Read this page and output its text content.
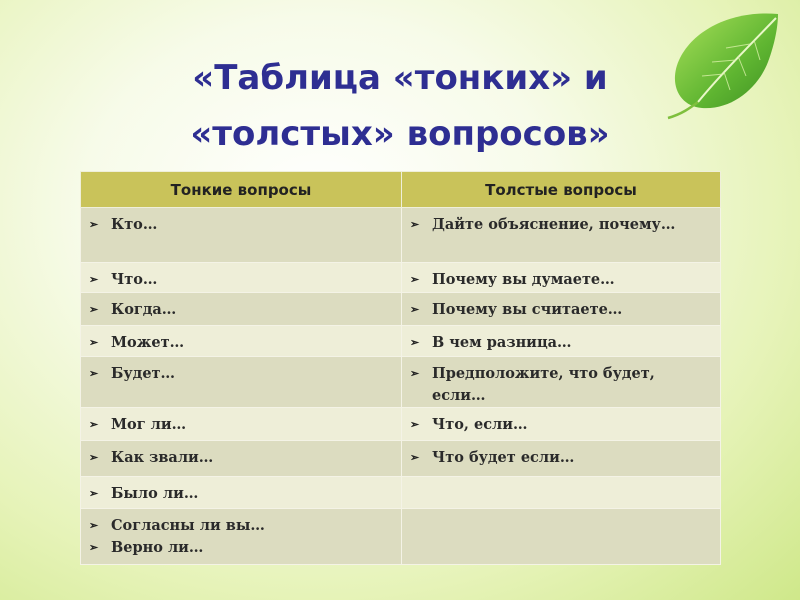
«Таблица «тонких» и
«толстых» вопросов»
Тонкие вопросы	Толстые вопросы

➢ Кто…	➢ Дайте объяснение, почему…

➢ Что…	➢ Почему вы думаете…

➢ Когда…	➢ Почему вы считаете…

➢ Может…	➢ В чем разница…

➢ Будет…	➢ Предположите, что будет, если…

➢ Мог ли…	➢ Что, если…

➢ Как звали…	➢ Что будет если…

➢ Было ли…	

➢ Согласны ли вы…
➢ Верно ли…	
